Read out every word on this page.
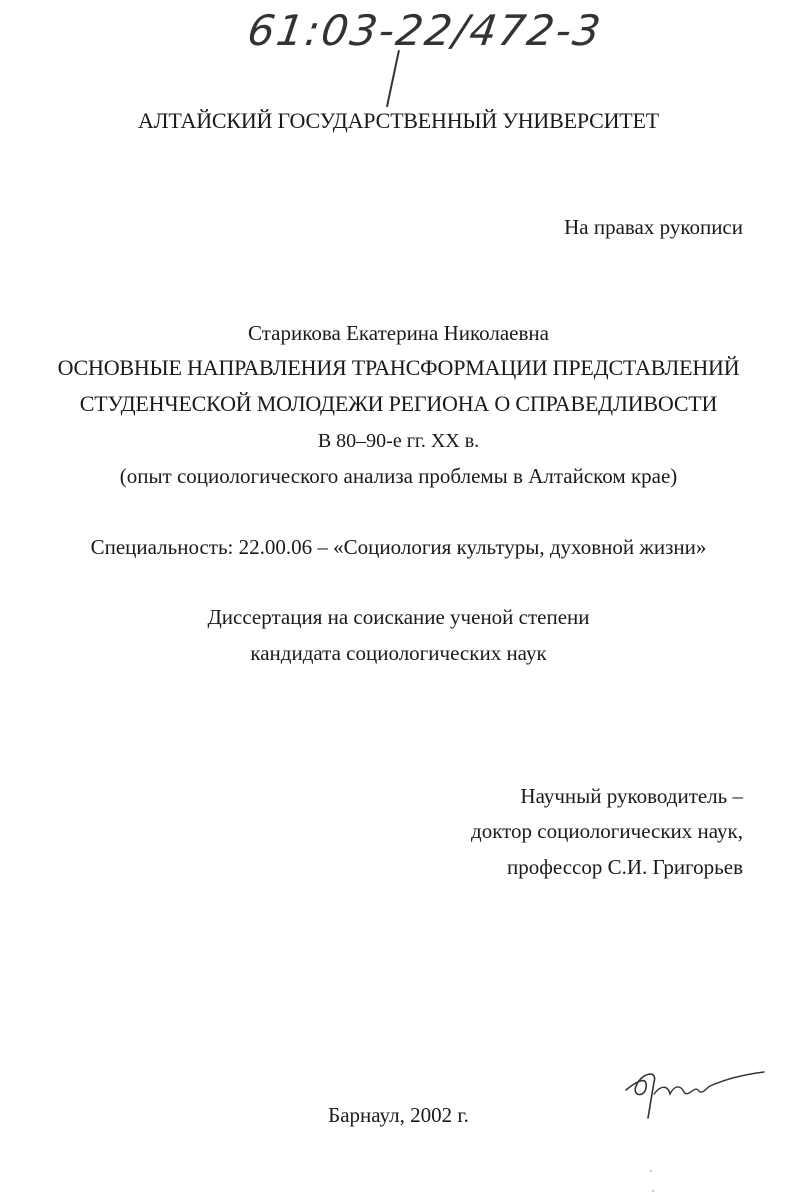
61:03-22/472-3
АЛТАЙСКИЙ ГОСУДАРСТВЕННЫЙ УНИВЕРСИТЕТ
На правах рукописи
Старикова Екатерина Николаевна
ОСНОВНЫЕ НАПРАВЛЕНИЯ ТРАНСФОРМАЦИИ ПРЕДСТАВЛЕНИЙ
СТУДЕНЧЕСКОЙ МОЛОДЕЖИ РЕГИОНА О СПРАВЕДЛИВОСТИ
В 80–90-е гг. XX в.
(опыт социологического анализа проблемы в Алтайском крае)
Специальность: 22.00.06 – «Социология культуры, духовной жизни»
Диссертация на соискание ученой степени
кандидата социологических наук
Научный руководитель –
доктор социологических наук,
профессор С.И. Григорьев
Барнаул, 2002 г.
